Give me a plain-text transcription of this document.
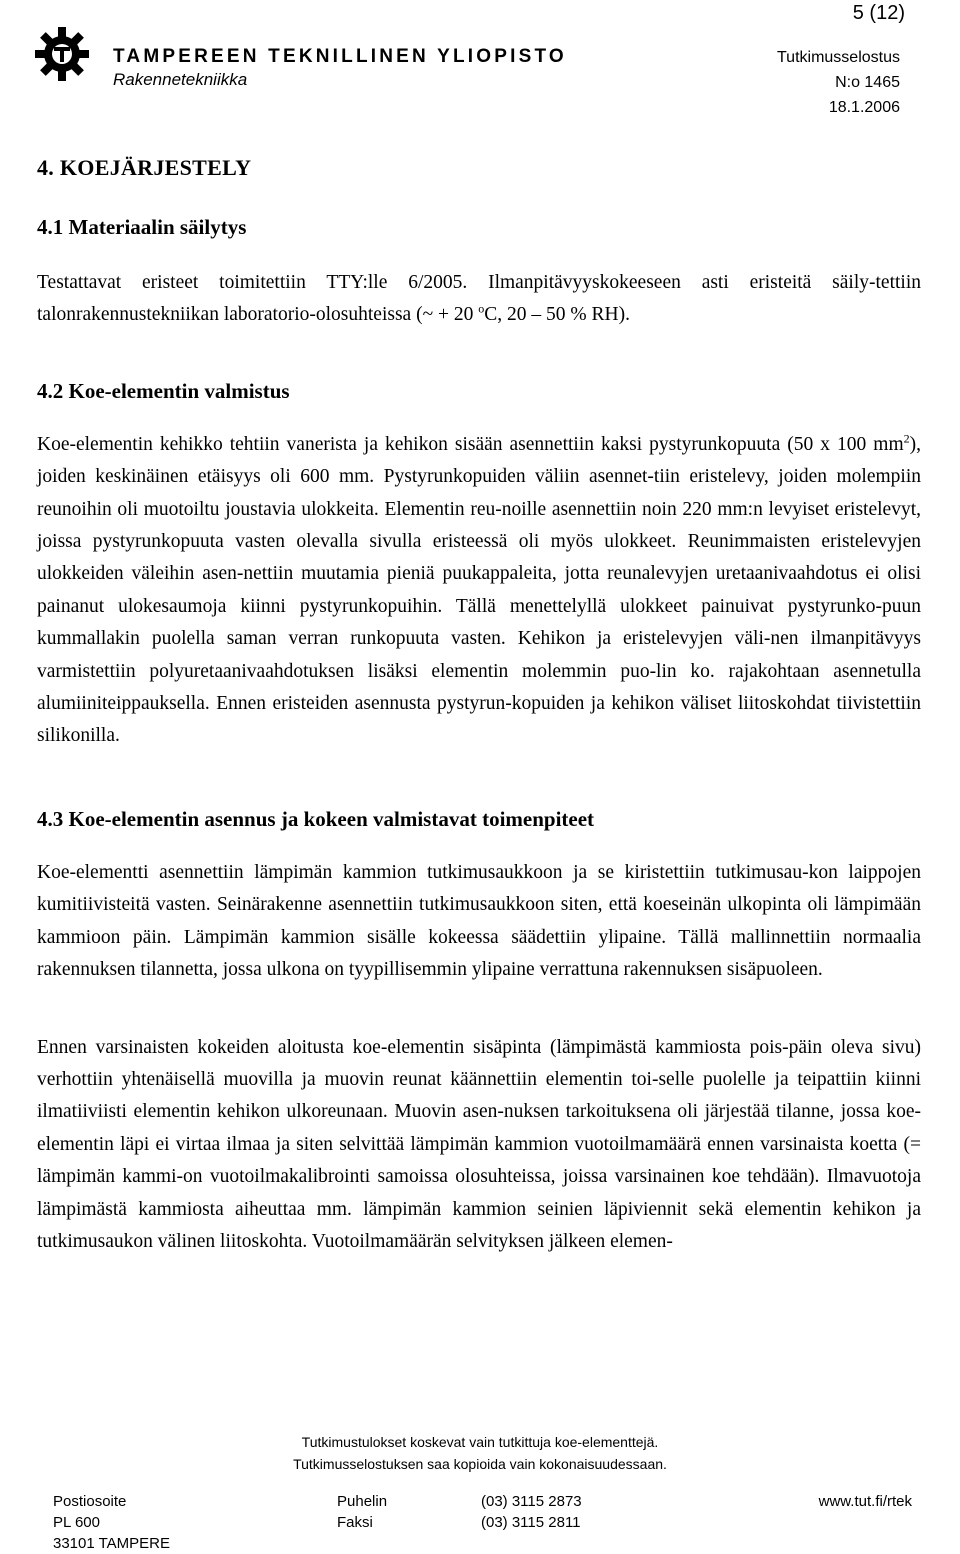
5 (12)
TAMPEREEN TEKNILLINEN YLIOPISTO
Rakennetekniikka
Tutkimusselostus
N:o 1465
18.1.2006
4. KOEJÄRJESTELY
4.1 Materiaalin säilytys

Testattavat eristeet toimitettiin TTY:lle 6/2005. Ilmanpitävyyskokeeseen asti eristeitä säily-tettiin talonrakennustekniikan laboratorio-olosuhteissa (~ + 20 $^o$C, 20 – 50 % RH).

4.2 Koe-elementin valmistus

Koe-elementin kehikko tehtiin vanerista ja kehikon sisään asennettiin kaksi pystyrunkopuuta (50 x 100 $mm^2$), joiden keskinäinen etäisyys oli 600 mm. Pystyrunkopuiden väliin asennet-tiin eristelevy, joiden molempiin reunoihin oli muotoiltu joustavia ulokkeita. Elementin reu-noille asennettiin noin 220 mm:n levyiset eristelevyt, joissa pystyrunkopuuta vasten olevalla sivulla eristeessä oli myös ulokkeet. Reunimmaisten eristelevyjen ulokkeiden väleihin asen-nettiin muutamia pieniä puukappaleita, jotta reunalevyjen uretaanivaahdotus ei olisi painanut ulokesaumoja kiinni pystyrunkopuihin. Tällä menettelyllä ulokkeet painuivat pystyrunko-puun kummallakin puolella saman verran runkopuuta vasten. Kehikon ja eristelevyjen väli-nen ilmanpitävyys varmistettiin polyuretaanivaahdotuksen lisäksi elementin molemmin puo-lin ko. rajakohtaan asennetulla alumiiniteippauksella. Ennen eristeiden asennusta pystyrun-kopuiden ja kehikon väliset liitoskohdat tiivistettiin silikonilla.

4.3 Koe-elementin asennus ja kokeen valmistavat toimenpiteet

Koe-elementti asennettiin lämpimän kammion tutkimusaukkoon ja se kiristettiin tutkimusau-kon laippojen kumitiivisteitä vasten. Seinärakenne asennettiin tutkimusaukkoon siten, että koeseinän ulkopinta oli lämpimään kammioon päin. Lämpimän kammion sisälle kokeessa säädettiin ylipaine. Tällä mallinnettiin normaalia rakennuksen tilannetta, jossa ulkona on tyypillisemmin ylipaine verrattuna rakennuksen sisäpuoleen.

Ennen varsinaisten kokeiden aloitusta koe-elementin sisäpinta (lämpimästä kammiosta pois-päin oleva sivu) verhottiin yhtenäisellä muovilla ja muovin reunat käännettiin elementin toi-selle puolelle ja teipattiin kiinni ilmatiiviisti elementin kehikon ulkoreunaan. Muovin asen-nuksen tarkoituksena oli järjestää tilanne, jossa koe-elementin läpi ei virtaa ilmaa ja siten selvittää lämpimän kammion vuotoilmamäärä ennen varsinaista koetta (= lämpimän kammi-on vuotoilmakalibrointi samoissa olosuhteissa, joissa varsinainen koe tehdään). Ilmavuotoja lämpimästä kammiosta aiheuttaa mm. lämpimän kammion seinien läpiviennit sekä elementin kehikon ja tutkimusaukon välinen liitoskohta. Vuotoilmamäärän selvityksen jälkeen elemen-

Tutkimustulokset koskevat vain tutkittuja koe-elementtejä.
Tutkimusselostuksen saa kopioida vain kokonaisuudessaan.
Postiosoite
PL 600
33101 TAMPERE
Puhelin
Faksi
(03) 3115 2873
(03) 3115 2811
www.tut.fi/rtek
